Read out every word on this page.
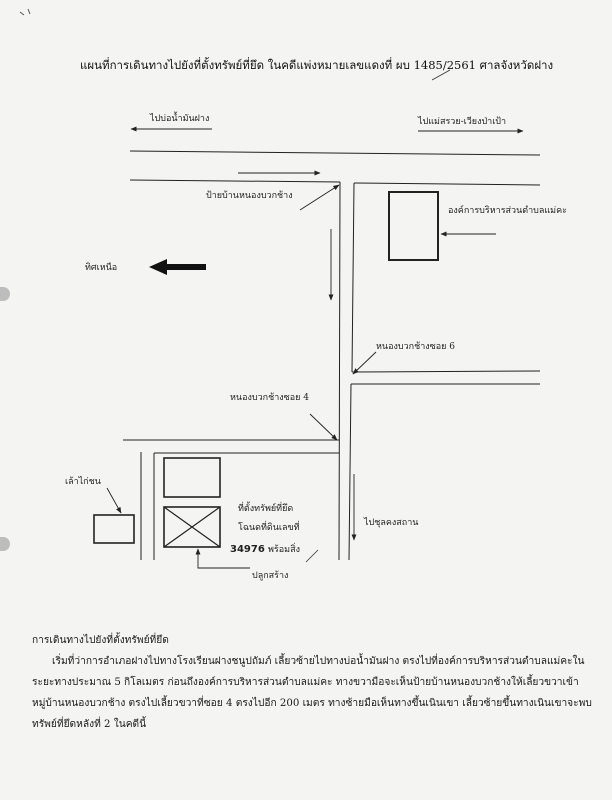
แผนที่การเดินทางไปยังที่ตั้งทรัพย์ที่ยึด ในคดีแพ่งหมายเลขแดงที่ ผบ 1485/2561 ศาลจังหวัดฝาง
ไปบ่อน้ำมันฝาง	ไปแม่สรวย-เวียงป่าเป้า
ป้ายบ้านหนองบวกช้าง
องค์การบริหารส่วนตำบลแม่คะ
ทิศเหนือ
หนองบวกช้างซอย 6
หนองบวกช้างซอย 4
เล้าไก่ชน
ที่ตั้งทรัพย์ที่ยึด
โฉนดที่ดินเลขที่
34976 พร้อมสิ่ง
ปลูกสร้าง
ไปชุลคงสถาน

การเดินทางไปยังที่ตั้งทรัพย์ที่ยึด

เริ่มที่ว่าการอำเภอฝางไปทางโรงเรียนฝางชนูปถัมภ์ เลี้ยวซ้ายไปทางบ่อน้ำมันฝาง ตรงไปที่องค์การบริหารส่วนตำบลแม่คะในระยะทางประมาณ 5 กิโลเมตร ก่อนถึงองค์การบริหารส่วนตำบลแม่คะ ทางขวามือจะเห็นป้ายบ้านหนองบวกช้างให้เลี้ยวขวาเข้าหมู่บ้านหนองบวกช้าง ตรงไปเลี้ยวขวาที่ซอย 4 ตรงไปอีก 200 เมตร ทางซ้ายมือเห็นทางขึ้นเนินเขา เลี้ยวซ้ายขึ้นทางเนินเขาจะพบทรัพย์ที่ยึดหลังที่ 2 ในคดีนี้
